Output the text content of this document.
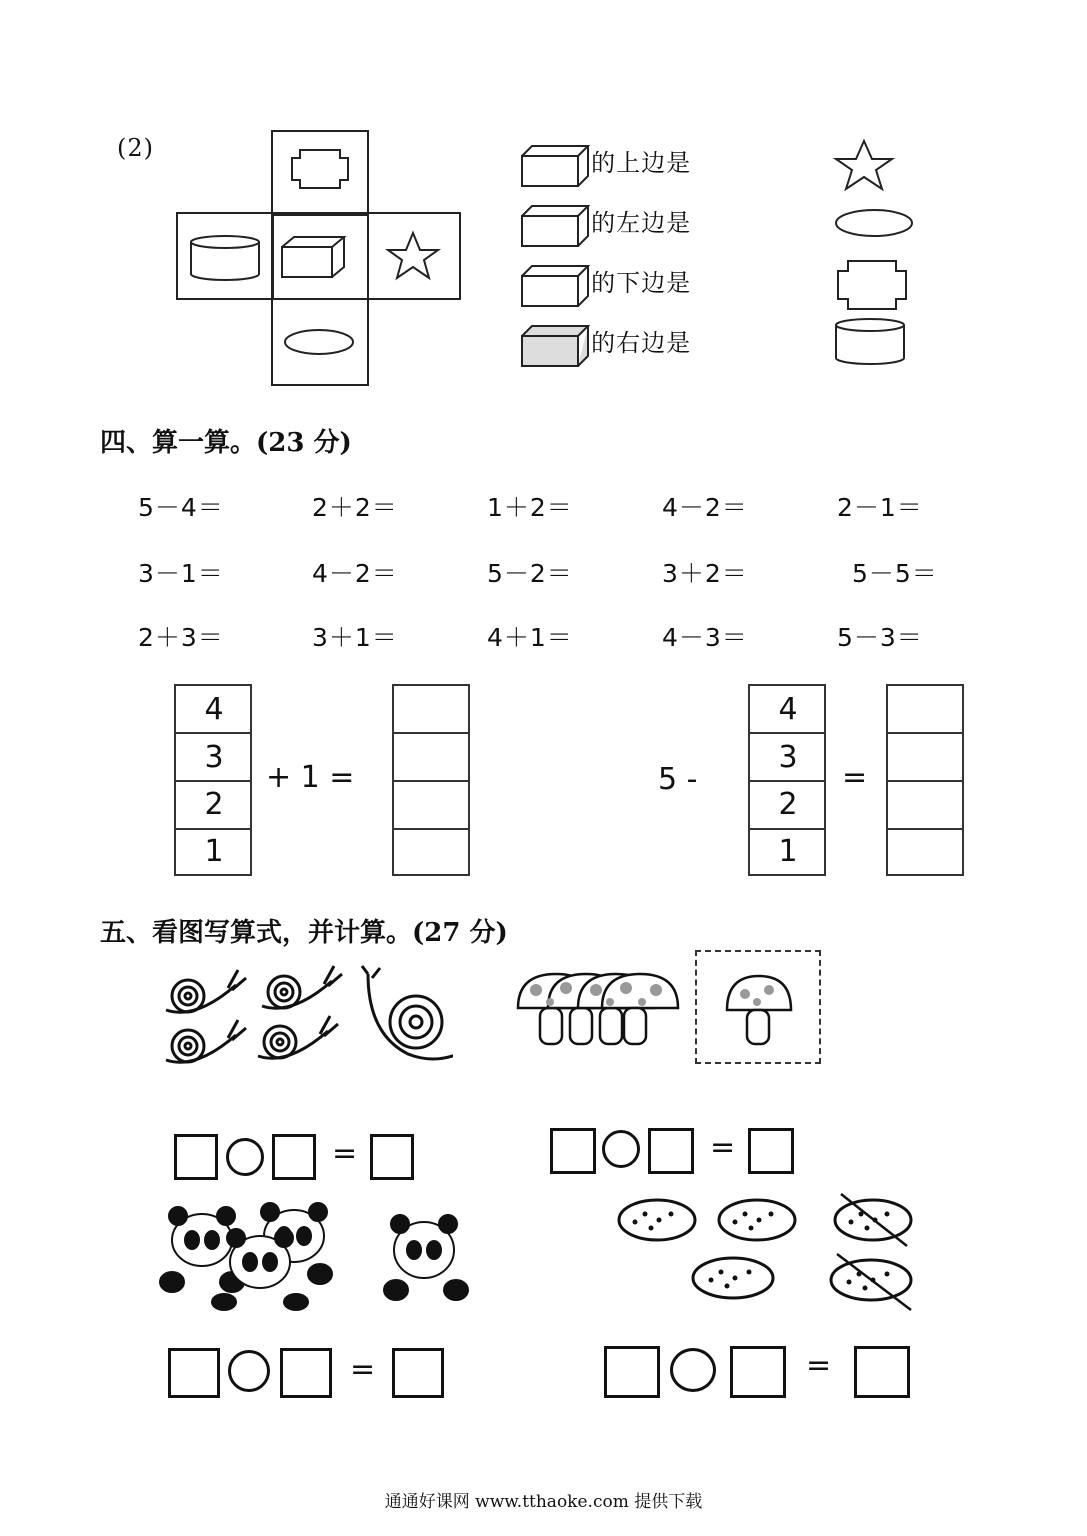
(2)
的上边是
的左边是
的下边是
的右边是
四、算一算。(23 分)
5－4＝	2＋2＝	1＋2＝	4－2＝	2－1＝
3－1＝	4－2＝	5－2＝	3＋2＝	5－5＝
2＋3＝	3＋1＝	4＋1＝	4－3＝	5－3＝
4
3
2
1
+ 1 =	5 -
4
3
2
1
=
五、看图写算式，并计算。(27 分)
=	=
=	=
通通好课网 www.tthaoke.com 提供下载
